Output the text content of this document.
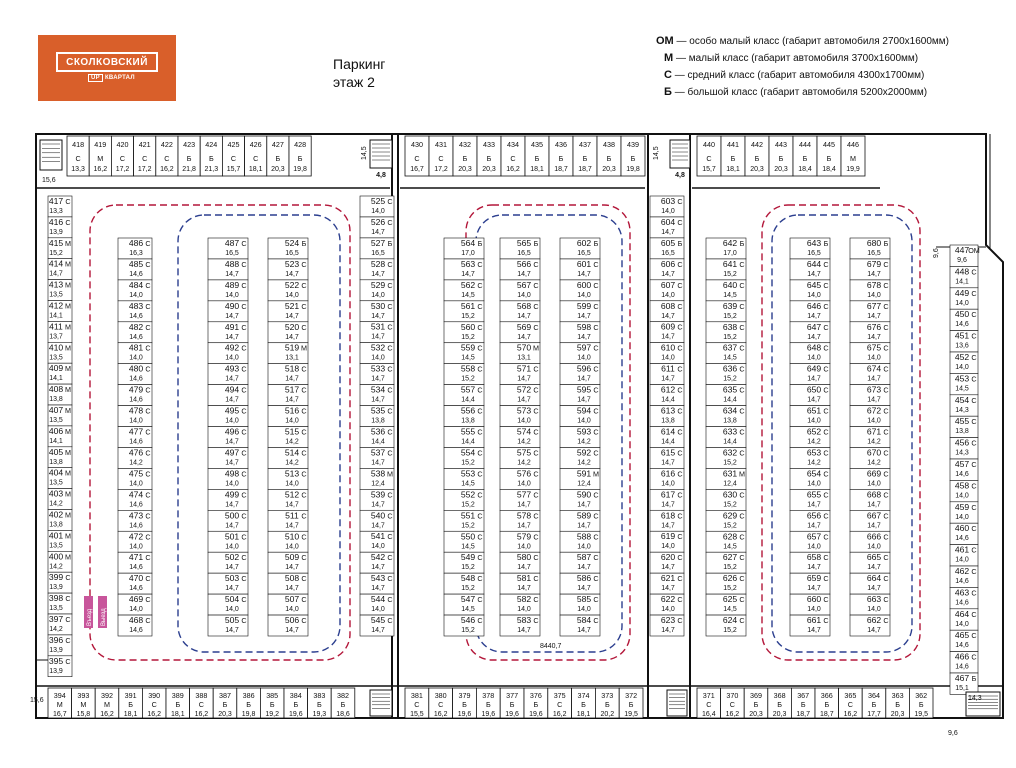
СКОЛКОВСКИЙ
UP КВАРТАЛ
Паркинг
этаж 2
ОМ — особо малый класс (габарит автомобиля 2700х1600мм)
М — малый класс (габарит автомобиля 3700х1600мм)
С — средний класс (габарит автомобиля 4300х1700мм)
Б — большой класс (габарит автомобиля 5200х2000мм)
418
С
13,3
419
М
16,2
420
С
17,2
421
С
17,2
422
С
16,2
423
Б
21,8
424
Б
21,3
425
С
15,7
426
С
18,1
427
Б
20,3
428
Б
19,8
430
С
16,7
431
С
17,2
432
Б
20,3
433
Б
20,3
434
С
16,2
435
Б
18,1
436
Б
18,7
437
Б
18,7
438
Б
20,3
439
Б
19,8
440
С
15,7
441
Б
18,1
442
Б
20,3
443
Б
20,3
444
Б
18,4
445
Б
18,4
446
М
19,9
394
М
16,7
393
М
15,8
392
М
16,2
391
Б
18,1
390
С
16,2
389
Б
18,1
388
С
16,2
387
Б
20,3
386
Б
19,8
385
Б
19,2
384
Б
19,6
383
Б
19,3
382
Б
18,6
381
С
15,5
380
С
16,2
379
Б
19,6
378
Б
19,6
377
Б
19,6
376
Б
19,6
375
С
16,2
374
Б
18,1
373
Б
20,2
372
Б
19,5
371
С
16,4
370
С
16,2
369
Б
20,3
368
Б
20,3
367
Б
18,7
366
Б
18,7
365
С
16,2
364
Б
17,7
363
Б
20,3
362
Б
19,5
417 С
13,3
416 С
13,9
415 М
15,2
414 М
14,7
413 М
13,5
412 М
14,1
411 М
13,7
410 М
13,5
409 М
14,1
408 М
13,8
407 М
13,5
406 М
14,1
405 М
13,8
404 М
13,5
403 М
14,2
402 М
13,8
401 М
13,5
400 М
14,2
399 С
13,9
398 С
13,5
397 С
14,2
396 С
13,9
395 С
13,9
447 ОМ
9,6
448 С
14,1
449 С
14,0
450 С
14,6
451 С
13,6
452 С
14,0
453 С
14,5
454 С
14,3
455 С
13,8
456 С
14,3
457 С
14,6
458 С
14,0
459 С
14,0
460 С
14,6
461 С
14,0
462 С
14,6
463 С
14,6
464 С
14,0
465 С
14,6
466 С
14,6
467 Б
15,1
486 С
16,3
485 С
14,6
484 С
14,0
483 С
14,6
482 С
14,6
481 С
14,0
480 С
14,6
479 С
14,6
478 С
14,0
477 С
14,6
476 С
14,2
475 С
14,0
474 С
14,6
473 С
14,6
472 С
14,0
471 С
14,6
470 С
14,6
469 С
14,0
468 С
14,6
487 С
16,5
488 С
14,7
489 С
14,0
490 С
14,7
491 С
14,7
492 С
14,0
493 С
14,7
494 С
14,7
495 С
14,0
496 С
14,7
497 С
14,7
498 С
14,0
499 С
14,7
500 С
14,7
501 С
14,0
502 С
14,7
503 С
14,7
504 С
14,0
505 С
14,7
524 Б
16,5
523 С
14,7
522 С
14,0
521 С
14,7
520 С
14,7
519 М
13,1
518 С
14,7
517 С
14,7
516 С
14,0
515 С
14,2
514 С
14,2
513 С
14,0
512 С
14,7
511 С
14,7
510 С
14,0
509 С
14,7
508 С
14,7
507 С
14,0
506 С
14,7
525 С
14,0
526 С
14,7
527 Б
16,5
528 С
14,7
529 С
14,0
530 С
14,7
531 С
14,7
532 С
14,0
533 С
14,7
534 С
14,7
535 С
13,8
536 С
14,4
537 С
14,7
538 М
12,4
539 С
14,7
540 С
14,7
541 С
14,0
542 С
14,7
543 С
14,7
544 С
14,0
545 С
14,7
564 Б
17,0
563 С
14,7
562 С
14,5
561 С
15,2
560 С
15,2
559 С
14,5
558 С
15,2
557 С
14,4
556 С
13,8
555 С
14,4
554 С
15,2
553 С
14,5
552 С
15,2
551 С
15,2
550 С
14,5
549 С
15,2
548 С
15,2
547 С
14,5
546 С
15,2
565 Б
16,5
566 С
14,7
567 С
14,0
568 С
14,7
569 С
14,7
570 М
13,1
571 С
14,7
572 С
14,7
573 С
14,0
574 С
14,2
575 С
14,2
576 С
14,0
577 С
14,7
578 С
14,7
579 С
14,0
580 С
14,7
581 С
14,7
582 С
14,0
583 С
14,7
602 Б
16,5
601 С
14,7
600 С
14,0
599 С
14,7
598 С
14,7
597 С
14,0
596 С
14,7
595 С
14,7
594 С
14,0
593 С
14,2
592 С
14,2
591 М
12,4
590 С
14,7
589 С
14,7
588 С
14,0
587 С
14,7
586 С
14,7
585 С
14,0
584 С
14,7
603 С
14,0
604 С
14,7
605 Б
16,5
606 С
14,7
607 С
14,0
608 С
14,7
609 С
14,7
610 С
14,0
611 С
14,7
612 С
14,4
613 С
13,8
614 С
14,4
615 С
14,7
616 С
14,0
617 С
14,7
618 С
14,7
619 С
14,0
620 С
14,7
621 С
14,7
622 С
14,0
623 С
14,7
642 Б
17,0
641 С
15,2
640 С
14,5
639 С
15,2
638 С
15,2
637 С
14,5
636 С
15,2
635 С
14,4
634 С
13,8
633 С
14,4
632 С
15,2
631 М
12,4
630 С
15,2
629 С
15,2
628 С
14,5
627 С
15,2
626 С
15,2
625 С
14,5
624 С
15,2
643 Б
16,5
644 С
14,7
645 С
14,0
646 С
14,7
647 С
14,7
648 С
14,0
649 С
14,7
650 С
14,7
651 С
14,0
652 С
14,2
653 С
14,2
654 С
14,0
655 С
14,7
656 С
14,7
657 С
14,0
658 С
14,7
659 С
14,7
660 С
14,0
661 С
14,7
680 Б
16,5
679 С
14,7
678 С
14,0
677 С
14,7
676 С
14,7
675 С
14,0
674 С
14,7
673 С
14,7
672 С
14,0
671 С
14,2
670 С
14,2
669 С
14,0
668 С
14,7
667 С
14,7
666 С
14,0
665 С
14,7
664 С
14,7
663 С
14,0
662 С
14,7
Въезд Выезд
4,8	4,8
15,6
15,6	14,3
9,6
9,6
8440,7
14,5	14,5
